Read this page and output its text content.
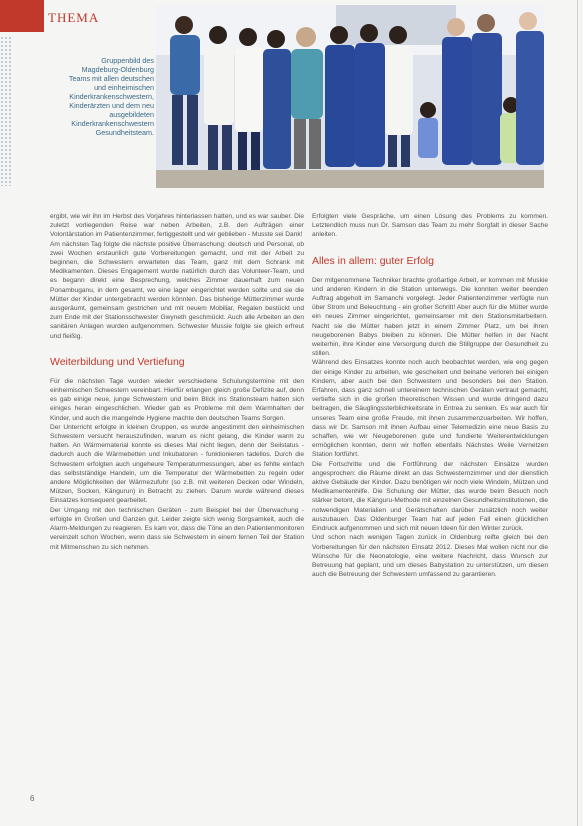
THEMA
Gruppenbild des Magdeburg-Oldenburg Teams mit allen deutschen und einheimischen Kinderkrankenschwestern, Kinderärzten und dem neu ausgebildeten Kinderkrankenschwestern Gesundheitsteam.

ergibt, wie wir ihn im Herbst des Vorjahres hinterlassen hatten, und es war sauber. Die zuletzt vorliegenden Reise war neben Arbeiten, z.B. den Aufträgen einer Volontärstation im Patientenzimmer, fertiggestellt und wir geblieben - Musste sei Dank!

Am nächsten Tag folgte die nächste positive Überraschung: deutsch und Personal, ob zwei Wochen erstaunlich gute Vorbereitungen gemacht, und mit der Arbeit zu beginnen, die Schwestern erwarteten das Team, ganz mit dem Schrank mit Medikamenten. Dieses Engagement wurde natürlich durch das Volunteer-Team, und es begann direkt eine Besprechung, welches Zimmer dauerhaft zum neuen Ponambuganu, in dem gesamt, wo eine lager eingerichtet werden sollte und sie die Mütter der Kinder untergebracht werden könnten. Das bisherige Mütterzimmer wurde ausgeräumt, gemeinsam gestrichen und mit neuem Mobiliar, Regalen bestückt und zum Ende mit der Stationsschwester Gwyneth geschmückt. Auch alle Arbeiten an den sanitären Anlagen wurden aufgenommen. Schwester Mussie folgte sie gleich erfreut und fleißig.

Weiterbildung und Vertiefung

Für die nächsten Tage wurden wieder verschiedene Schulungstermine mit den einheimischen Schwestern vereinbart. Hierfür erlangen gleich große Defizite auf, denn es gab einige neue, junge Schwestern und beim Blick ins Stationsteam hatten sich einiges heran eingeschlichen. Wieder gab es Probleme mit dem Warmhalten der Kinder, und auch die mangelnde Hygiene machte den deutschen Teams Sorgen.

Der Unterricht erfolgte in kleinen Gruppen, es wurde angestimmt den einheimischen Schwestern versucht herauszufinden, warum es nicht gelang, die Kinder warm zu halten. An Wärmematerial konnte es dieses Mal nicht liegen, denn der Seilstatus - dadurch auch die Wärmebetten und Inkubatoren - funktionieren tadellos. Durch die Schwestern erfolgten auch ungeheure Temperaturmessungen, aber es fehlte einfach das selbstständige Handeln, um die Temperatur der Wärmebetten zu regeln oder andere Möglichkeiten der Wärmezufuhr (so z.B. mit weiteren Decken oder Windeln, Mützen, Socken, Kängurun) in Betracht zu ziehen. Darum wurde während dieses Einsatzes konsequent gearbeitet.

Der Umgang mit den technischen Geräten - zum Beispiel bei der Überwachung - erfolgte im Großen und Ganzen gut. Leider zeigte sich wenig Sorgsamkeit, auch die Alarm-Meldungen zu reagieren. Es kam vor, dass die Töne an den Patientenmonitoren vereinzelt schon Wochen, wenn dass sie Schwestern in einem fernen Teil der Station mit Mitmenschen zu sich nehmen.

Erfolgten viele Gespräche, um einen Lösung des Problems zu kommen. Letztendlich muss nun Dr. Samson das Team zu mehr Sorgfalt in dieser Sache anleiten.

Alles in allem: guter Erfolg

Der mitgenommene Techniker brachte großartige Arbeit, er kommen mit Muskie und anderen Kindern in die Station unterwegs. Die konnten weiter beenden Auftrag abgeholt im Samanchi vorgelegt. Jeder Patientenzimmer verfügte nun über Strom und Beleuchtung - ein großer Schritt! Aber auch für die Mütter wurde ein neues Zimmer eingerichtet, gemeinsamer mit den Stationsmitarbeitern. Nacht sie die Mütter haben jetzt in einem Zimmer Platz, um bei ihren neugeborenen Babys bleiben zu können. Die Mütter helfen in der Nacht weiterhin, ihre Kinder eine Versorgung durch die Stillgruppe der Gesundheit zu stillen.

Während des Einsatzes konnte noch auch beobachtet werden, wie eng gegen der einige Kinder zu arbeiten, wie gescheitert und beinahe verloren bei einigen Kindern, aber auch bei den Schwestern und besonders bei den Station. Erfahren, dass ganz schnell untereinem technischen Geräten vertraut gemacht, vertiefte sich in die großen theoretischen Wissen und wurde dringend dazu beitragen, die Säuglingssterblichkeitsrate in Entrea zu senken. Es war auch für unseres Team eine große Freude, mit ihnen zusammenzuarbeiten. Wir hoffen, dass wir Dr. Samson mit ihnen Aufbau einer Telemedizin eine neue Basis zu schaffen, wie wir Neugeborenen gute und fundierte Weiterentwicklungen ermöglichen konnten, denn wir hoffen ebenfalls Nächstes Weile Vernetzen Station fortführt.

Die Fortschritte und die Fortführung der nächsten Einsätze wurden angesprochen: die Räume direkt an das Schwesternzimmer und der dienstlich aktive Gebäude der Kinder. Dazu benötigen wir noch viele Windeln, Mützen und Medikamentenhilfe. Die Schulung der Mütter, das wurde beim Besuch noch stärker betont, die Känguru-Methode mit einzelnen Gesundheitsinstitutionen, die notwendigen Materialien und Gerätschaften darüber zusätzlich noch weiter auszubauen. Das Oldenburger Team hat auf jeden Fall einen glücklichen Eindruck aufgenommen und sich mit neuen Ideen für den Winter zurück.

Und schon nach wenigen Tagen zurück in Oldenburg reifte gleich bei den Vorbereitungen für den nächsten Einsatz 2012. Dieses Mal wollen nicht nur die Wünsche für die Neonatologie, eine weitere Nachricht, dass Wunsch zur Betreuung hat geplant, und um dieses Babystation zu unterstützen, um diesen auch die Betreuung der Schwestern umfassend zu garantieren.

6
